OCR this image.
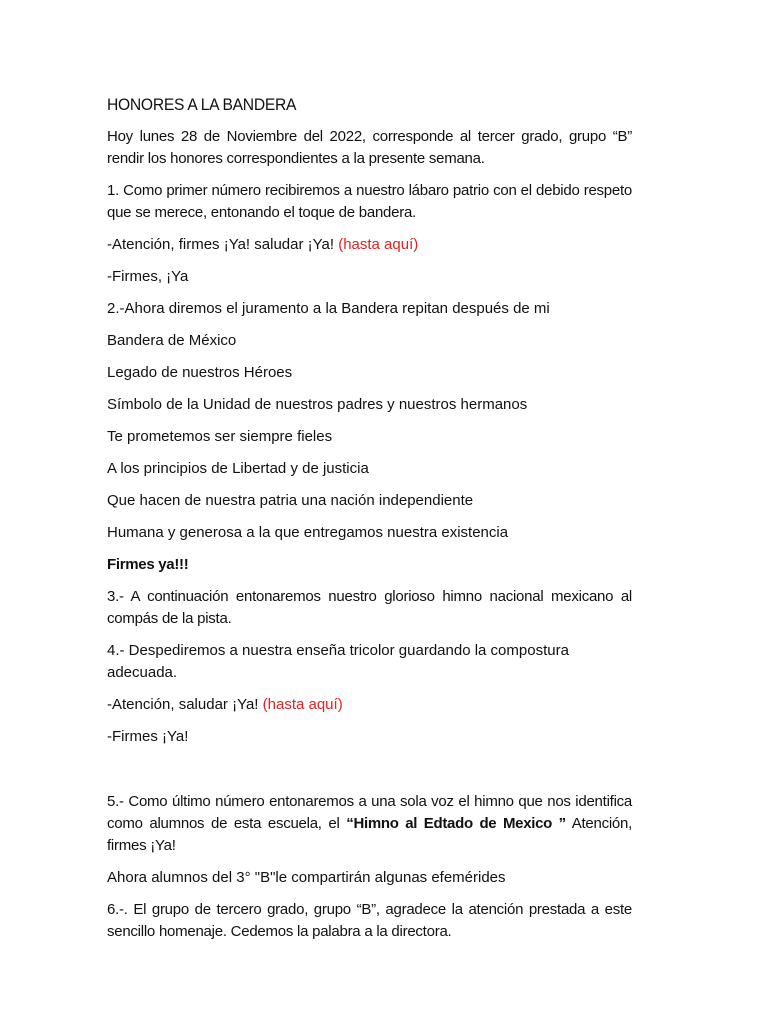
HONORES A LA BANDERA

Hoy lunes 28 de Noviembre del 2022, corresponde al tercer grado, grupo “B” rendir los honores correspondientes a la presente semana.

1. Como primer número recibiremos a nuestro lábaro patrio con el debido respeto que se merece, entonando el toque de bandera.

-Atención, firmes ¡Ya! saludar ¡Ya! (hasta aquí)

-Firmes, ¡Ya

2.-Ahora diremos el juramento a la Bandera repitan después de mi

Bandera de México

Legado de nuestros Héroes

Símbolo de la Unidad de nuestros padres y nuestros hermanos

Te prometemos ser siempre fieles

A los principios de Libertad y de justicia

Que hacen de nuestra patria una nación independiente

Humana y generosa a la que entregamos nuestra existencia

Firmes ya!!!

3.- A continuación entonaremos nuestro glorioso himno nacional mexicano al compás de la pista.

4.- Despediremos a nuestra enseña tricolor guardando la compostura adecuada.

-Atención, saludar ¡Ya! (hasta aquí)

-Firmes ¡Ya!

5.- Como último número entonaremos a una sola voz el himno que nos identifica como alumnos de esta escuela, el “Himno al Edtado de Mexico ” Atención, firmes ¡Ya!

Ahora alumnos del 3° "B"le compartirán algunas efemérides

6.-. El grupo de tercero grado, grupo “B”, agradece la atención prestada a este sencillo homenaje. Cedemos la palabra a la directora.
